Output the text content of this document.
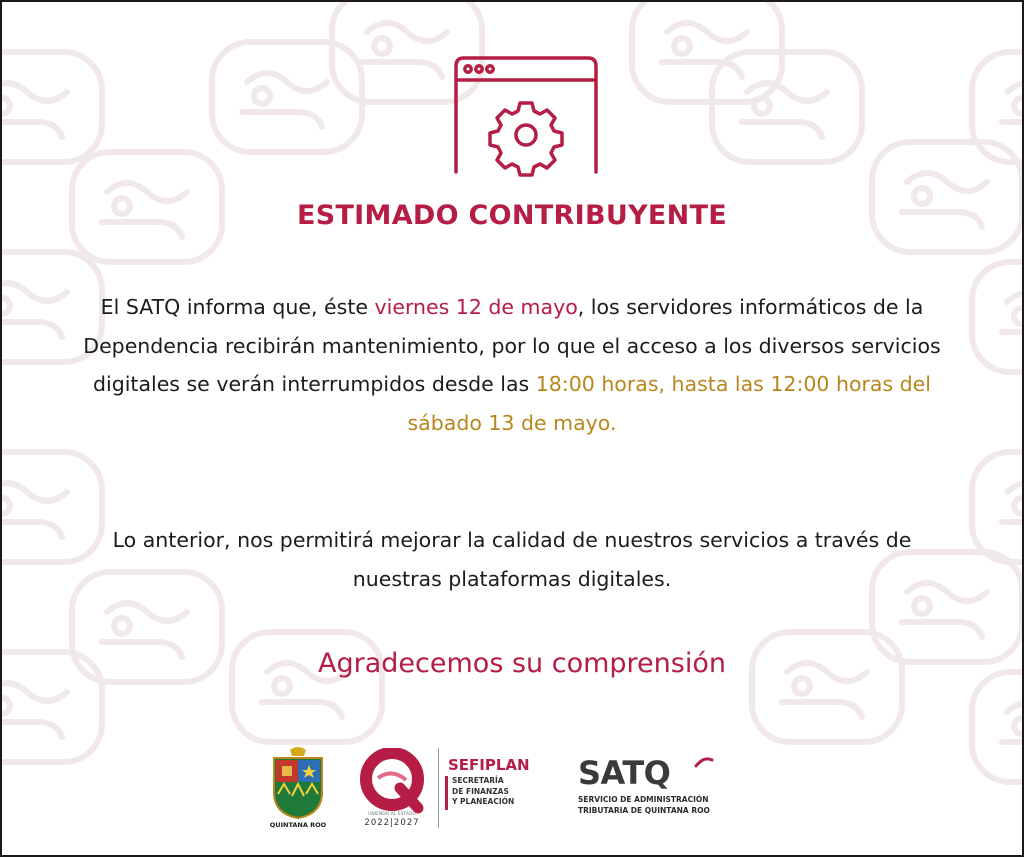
ESTIMADO CONTRIBUYENTE
El SATQ informa que, éste viernes 12 de mayo, los servidores informáticos de la Dependencia recibirán mantenimiento, por lo que el acceso a los diversos servicios digitales se verán interrumpidos desde las 18:00 horas, hasta las 12:00 horas del sábado 13 de mayo.
Lo anterior, nos permitirá mejorar la calidad de nuestros servicios a través de nuestras plataformas digitales.
Agradecemos su comprensión
QUINTANA ROO
UNIENDO AL ESTADO
2022|2027
SEFIPLAN
SECRETARÍA
DE FINANZAS
Y PLANEACIÓN
SATQ
SERVICIO DE ADMINISTRACIÓN
TRIBUTARIA DE QUINTANA ROO
